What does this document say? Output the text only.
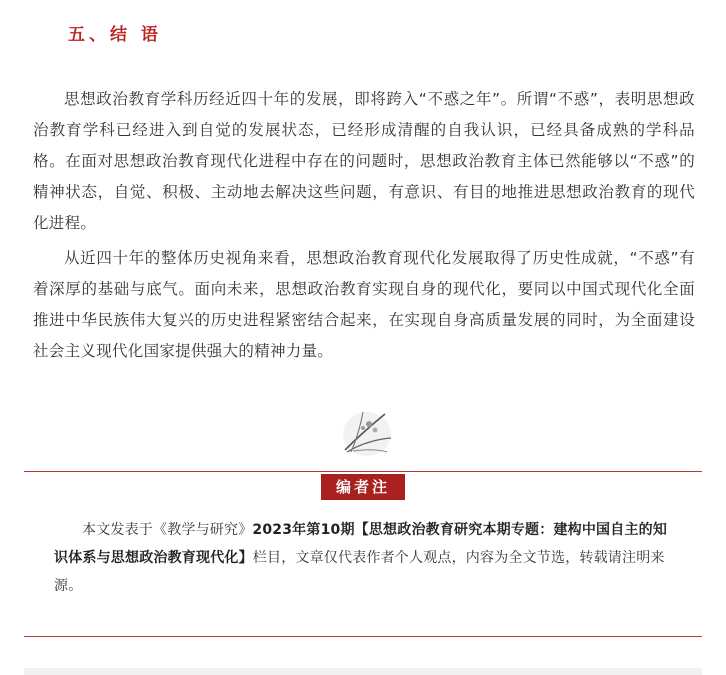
五、结 语

思想政治教育学科历经近四十年的发展，即将跨入“不惑之年”。所谓“不惑”，表明思想政治教育学科已经进入到自觉的发展状态，已经形成清醒的自我认识，已经具备成熟的学科品格。在面对思想政治教育现代化进程中存在的问题时，思想政治教育主体已然能够以“不惑”的精神状态，自觉、积极、主动地去解决这些问题，有意识、有目的地推进思想政治教育的现代化进程。

从近四十年的整体历史视角来看，思想政治教育现代化发展取得了历史性成就，“不惑”有着深厚的基础与底气。面向未来，思想政治教育实现自身的现代化，要同以中国式现代化全面推进中华民族伟大复兴的历史进程紧密结合起来，在实现自身高质量发展的同时，为全面建设社会主义现代化国家提供强大的精神力量。

编者注

本文发表于《教学与研究》2023年第10期【思想政治教育研究本期专题：建构中国自主的知识体系与思想政治教育现代化】栏目，文章仅代表作者个人观点，内容为全文节选，转载请注明来源。
